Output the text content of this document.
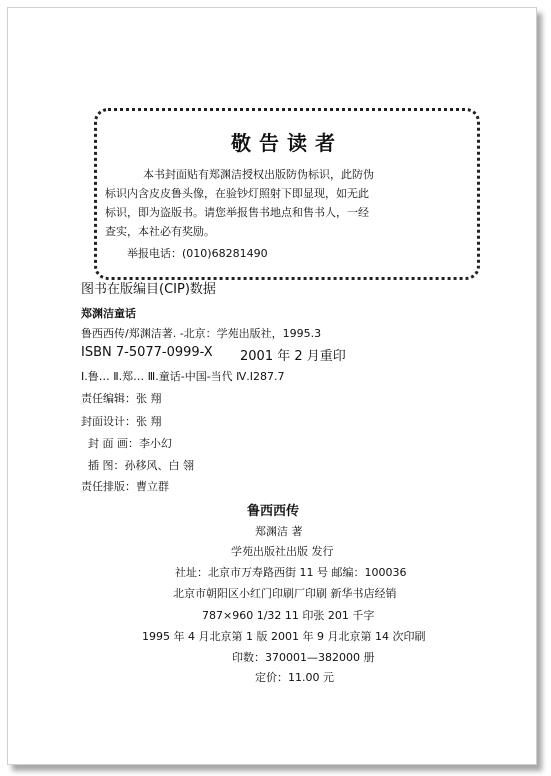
敬告读者
本书封面贴有郑渊洁授权出版防伪标识，此防伪
标识内含皮皮鲁头像，在验钞灯照射下即显现，如无此
标识，即为盗版书。请您举报售书地点和售书人，一经
查实，本社必有奖励。
举报电话：(010)68281490
图书在版编目(CIP)数据
郑渊洁童话
鲁西西传/郑渊洁著. -北京：学苑出版社，1995.3
ISBN 7-5077-0999-X 2001 年 2 月重印
Ⅰ.鲁… Ⅱ.郑… Ⅲ.童话-中国-当代 Ⅳ.I287.7
责任编辑：张 翔
封面设计：张 翔
封 面 画：李小幻
插 图：孙移风、白 翎
责任排版：曹立群
鲁西西传
郑渊洁 著
学苑出版社出版 发行
社址：北京市万寿路西街 11 号 邮编：100036
北京市朝阳区小红门印刷厂印刷 新华书店经销
787×960 1/32 11 印张 201 千字
1995 年 4 月北京第 1 版 2001 年 9 月北京第 14 次印刷
印数：370001—382000 册
定价：11.00 元
